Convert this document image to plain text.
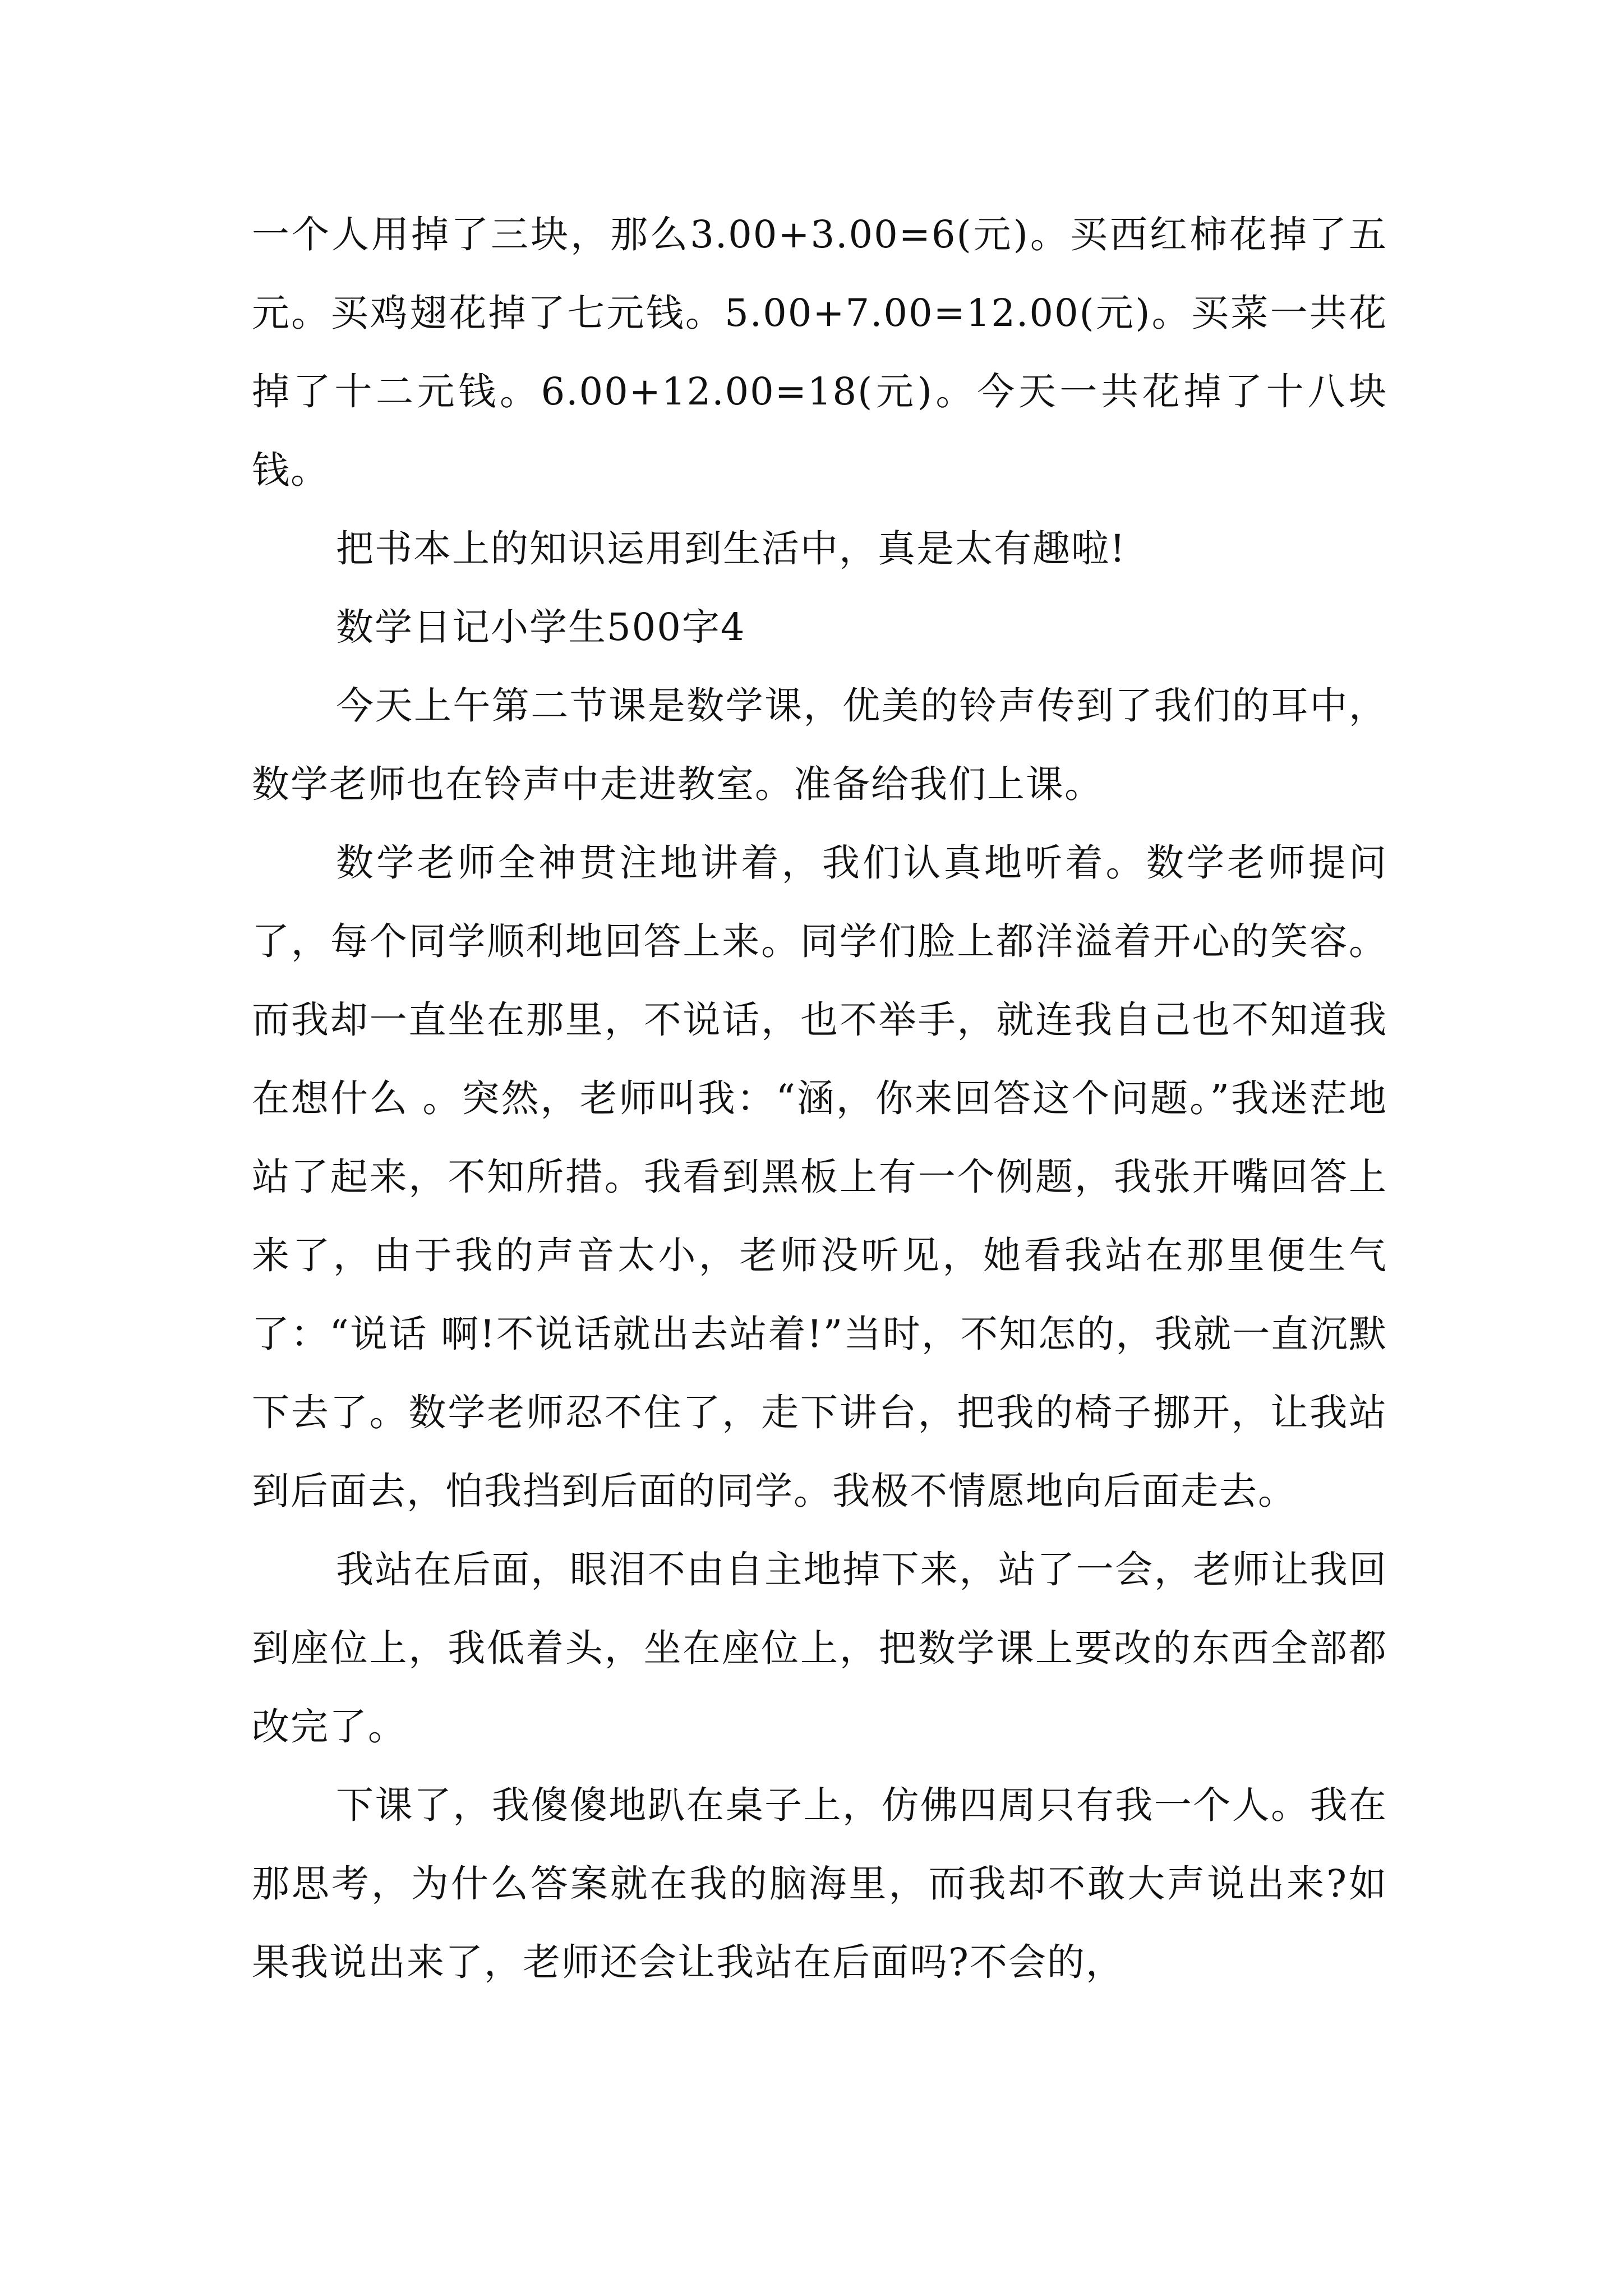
一个人用掉了三块，那么3.00+3.00=6(元)。买西红柿花掉了五元。买鸡翅花掉了七元钱。5.00+7.00=12.00(元)。买菜一共花掉了十二元钱。6.00+12.00=18(元)。今天一共花掉了十八块钱。

把书本上的知识运用到生活中，真是太有趣啦!

数学日记小学生500字4

今天上午第二节课是数学课，优美的铃声传到了我们的耳中，数学老师也在铃声中走进教室。准备给我们上课。

数学老师全神贯注地讲着，我们认真地听着。数学老师提问了，每个同学顺利地回答上来。同学们脸上都洋溢着开心的笑容。而我却一直坐在那里，不说话，也不举手，就连我自己也不知道我在想什么 。突然，老师叫我：“涵，你来回答这个问题。”我迷茫地站了起来，不知所措。我看到黑板上有一个例题，我张开嘴回答上来了，由于我的声音太小，老师没听见，她看我站在那里便生气了：“说话 啊!不说话就出去站着!”当时，不知怎的，我就一直沉默下去了。数学老师忍不住了，走下讲台，把我的椅子挪开，让我站到后面去，怕我挡到后面的同学。我极不情愿地向后面走去。

我站在后面，眼泪不由自主地掉下来，站了一会，老师让我回到座位上，我低着头，坐在座位上，把数学课上要改的东西全部都改完了。

下课了，我傻傻地趴在桌子上，仿佛四周只有我一个人。我在那思考，为什么答案就在我的脑海里，而我却不敢大声说出来?如果我说出来了，老师还会让我站在后面吗?不会的，
